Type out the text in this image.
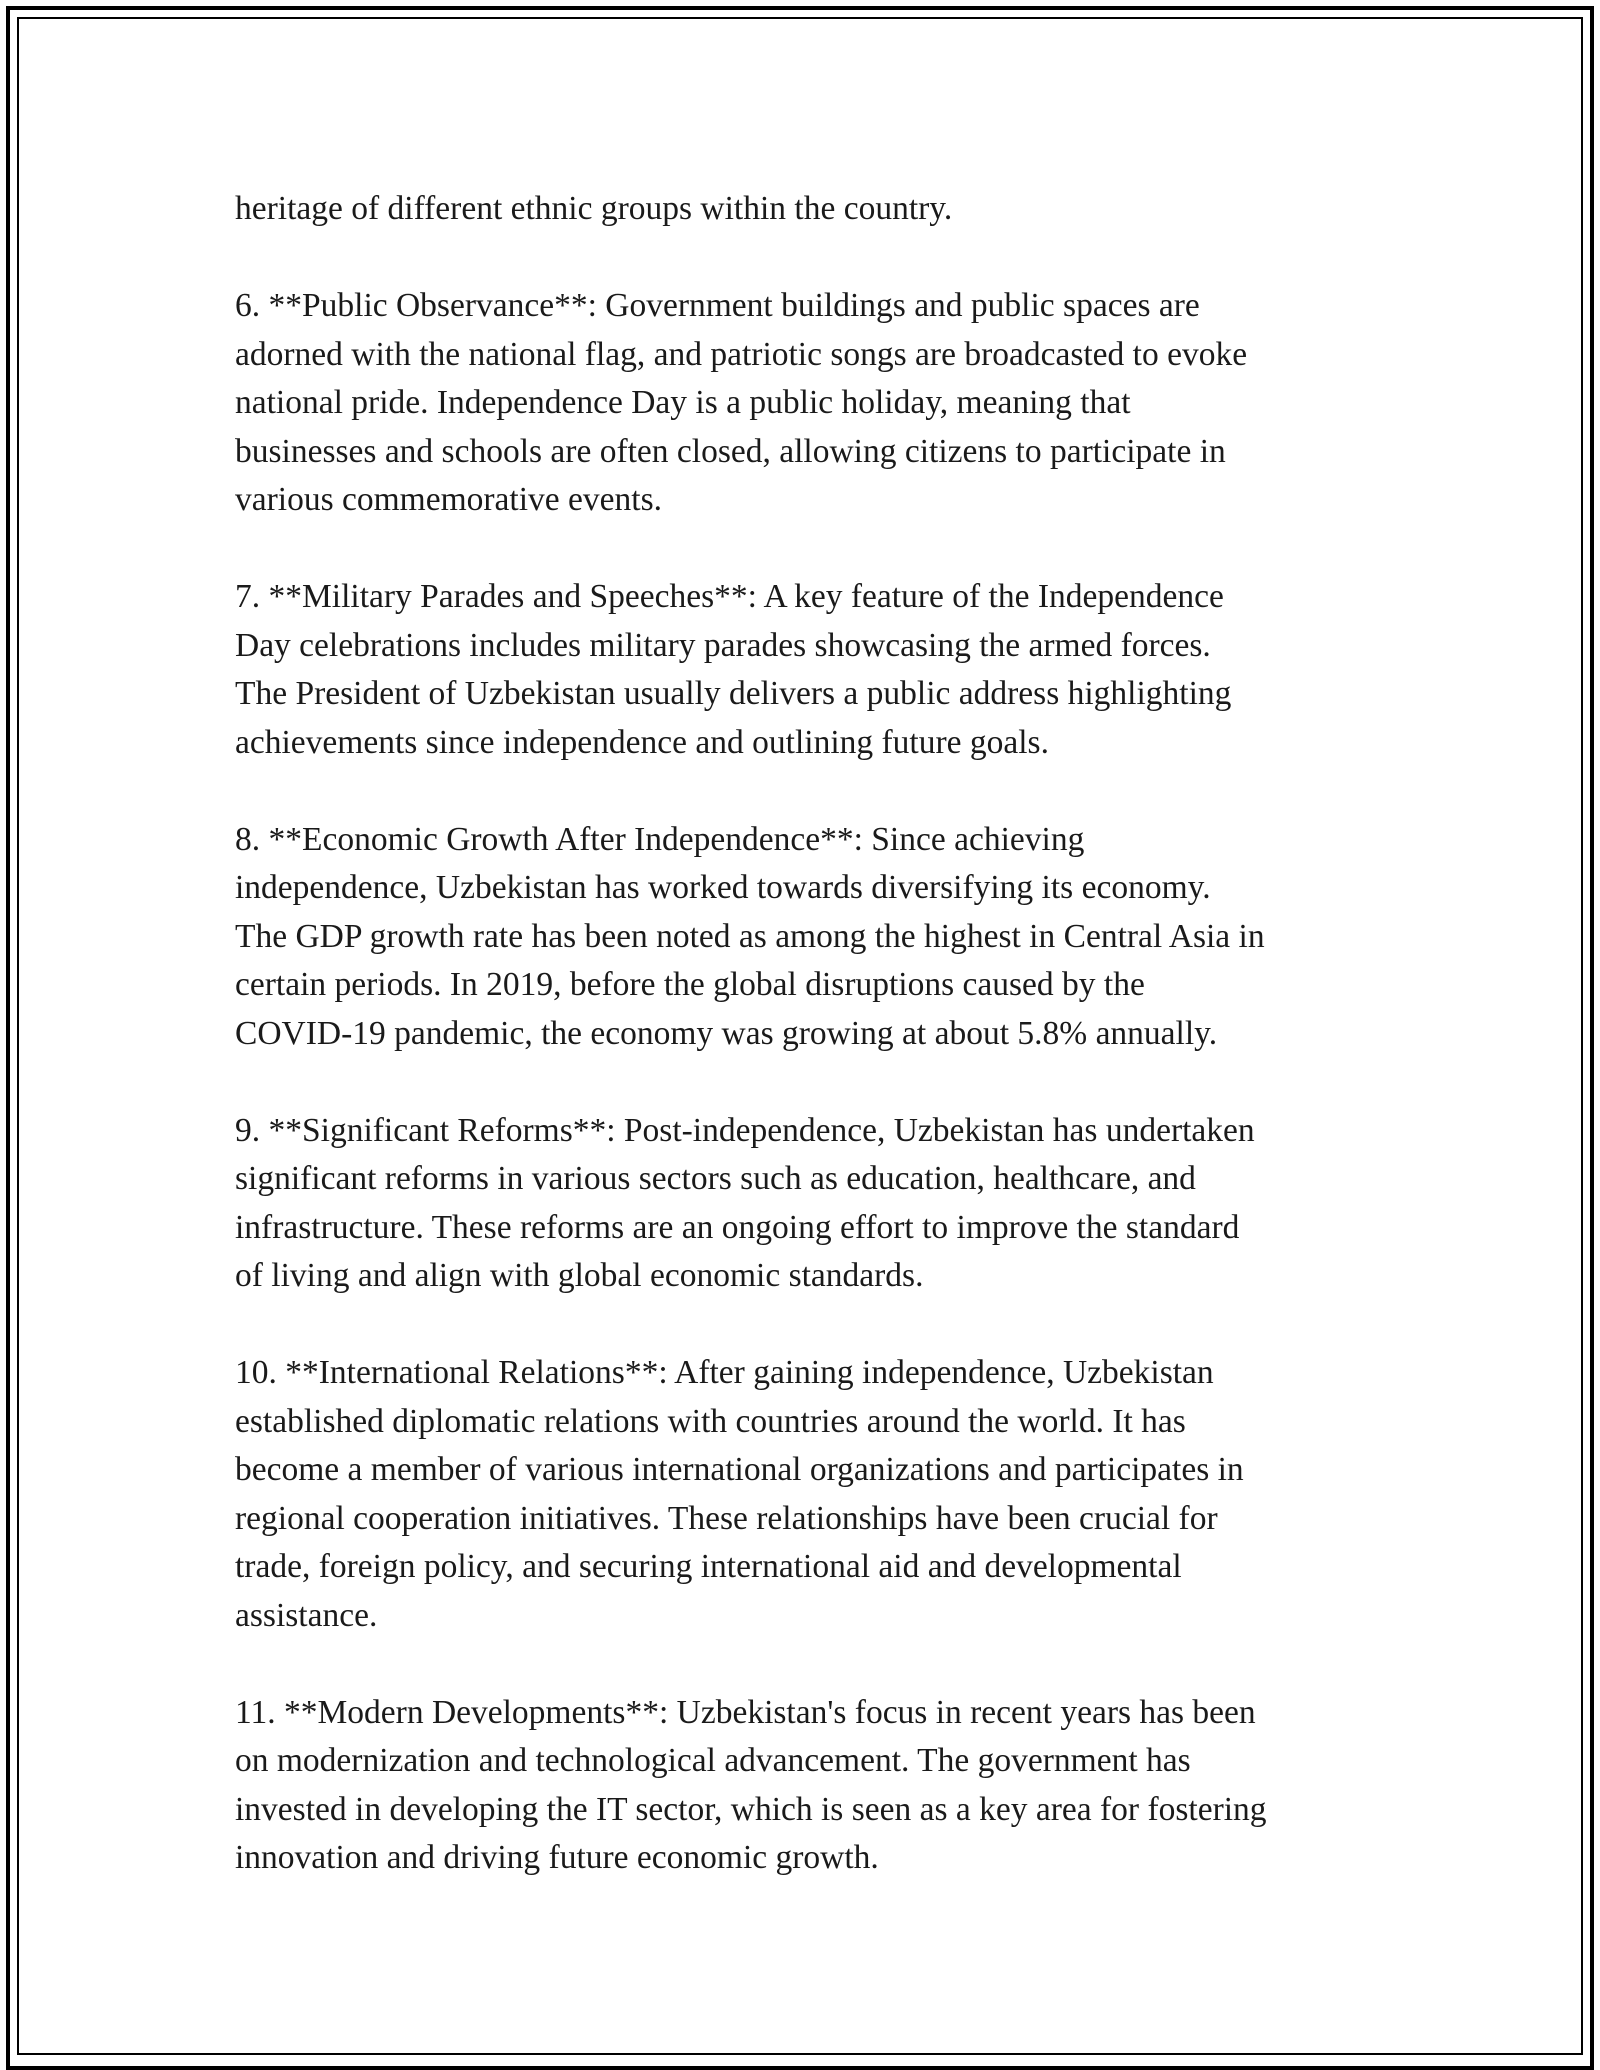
heritage of different ethnic groups within the country.

6. **Public Observance**: Government buildings and public spaces are
adorned with the national flag, and patriotic songs are broadcasted to evoke
national pride. Independence Day is a public holiday, meaning that
businesses and schools are often closed, allowing citizens to participate in
various commemorative events.

7. **Military Parades and Speeches**: A key feature of the Independence
Day celebrations includes military parades showcasing the armed forces.
The President of Uzbekistan usually delivers a public address highlighting
achievements since independence and outlining future goals.

8. **Economic Growth After Independence**: Since achieving
independence, Uzbekistan has worked towards diversifying its economy.
The GDP growth rate has been noted as among the highest in Central Asia in
certain periods. In 2019, before the global disruptions caused by the
COVID-19 pandemic, the economy was growing at about 5.8% annually.

9. **Significant Reforms**: Post-independence, Uzbekistan has undertaken
significant reforms in various sectors such as education, healthcare, and
infrastructure. These reforms are an ongoing effort to improve the standard
of living and align with global economic standards.

10. **International Relations**: After gaining independence, Uzbekistan
established diplomatic relations with countries around the world. It has
become a member of various international organizations and participates in
regional cooperation initiatives. These relationships have been crucial for
trade, foreign policy, and securing international aid and developmental
assistance.

11. **Modern Developments**: Uzbekistan's focus in recent years has been
on modernization and technological advancement. The government has
invested in developing the IT sector, which is seen as a key area for fostering
innovation and driving future economic growth.
